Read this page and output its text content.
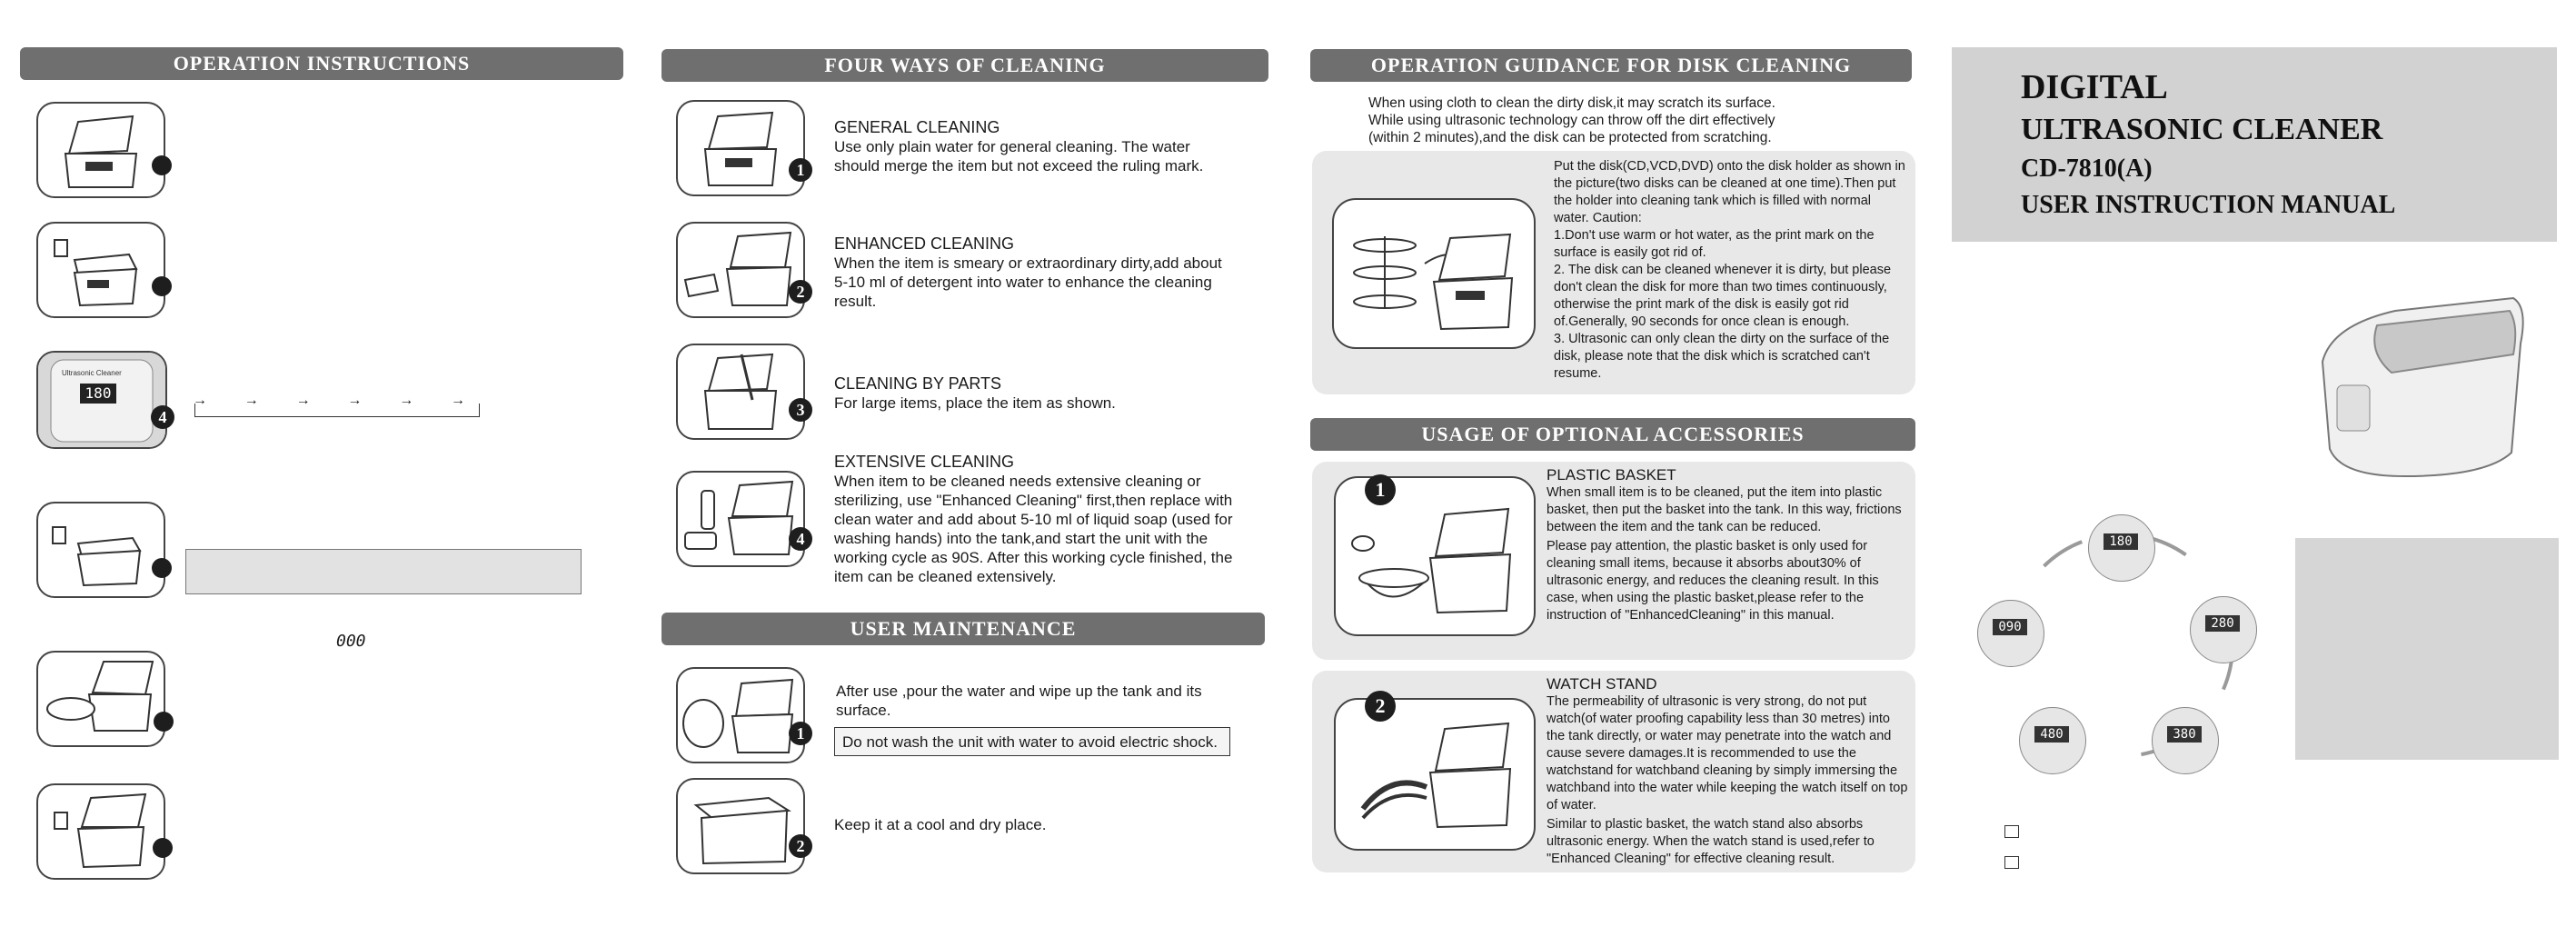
OPERATION INSTRUCTIONS
Ultrasonic Cleaner
180
4
→	→	→	→	→	→
000
FOUR WAYS OF CLEANING
1

GENERAL CLEANING

Use only plain water for general cleaning. The water should merge the item but not exceed the ruling mark.

2

ENHANCED CLEANING

When the item is smeary or extraordinary dirty,add about 5-10 ml of detergent into water to enhance the cleaning result.

3

CLEANING BY PARTS

For large items, place the item as shown.

4

EXTENSIVE CLEANING

When item to be cleaned needs extensive cleaning or sterilizing, use "Enhanced Cleaning" first,then replace with clean water and add about 5-10 ml of liquid soap (used for washing hands) into the tank,and start the unit with the working cycle as 90S. After this working cycle finished, the item can be cleaned extensively.

USER MAINTENANCE
1
After use ,pour the water and wipe up the tank and its surface.
Do not wash the unit with water to avoid electric shock.
2
Keep it at a cool and dry place.
OPERATION GUIDANCE FOR DISK CLEANING
When using cloth to clean the dirty disk,it may scratch its surface. While using ultrasonic technology can throw off the dirt effectively (within 2 minutes),and the disk can be protected from scratching.

Put the disk(CD,VCD,DVD) onto the disk holder as shown in the picture(two disks can be cleaned at one time).Then put the holder into cleaning tank which is filled with normal water. Caution:

1.Don't use warm or hot water, as the print mark on the surface is easily got rid of.

2. The disk can be cleaned whenever it is dirty, but please don't clean the disk for more than two times continuously, otherwise the print mark of the disk is easily got rid of.Generally, 90 seconds for once clean is enough.

3. Ultrasonic can only clean the dirty on the surface of the disk, please note that the disk which is scratched can't resume.

USAGE OF OPTIONAL ACCESSORIES
1

PLASTIC BASKET

When small item is to be cleaned, put the item into plastic basket, then put the basket into the tank. In this way, frictions between the item and the tank can be reduced.

Please pay attention, the plastic basket is only used for cleaning small items, because it absorbs about30% of ultrasonic energy, and reduces the cleaning result. In this case, when using the plastic basket,please refer to the instruction of "EnhancedCleaning" in this manual.

2

WATCH STAND

The permeability of ultrasonic is very strong, do not put watch(of water proofing capability less than 30 metres) into the tank directly, or water may penetrate into the watch and cause severe damages.It is recommended to use the watchstand for watchband cleaning by simply immersing the watchband into the water while keeping the watch itself on top of water.

Similar to plastic basket, the watch stand also absorbs ultrasonic energy. When the watch stand is used,refer to "Enhanced Cleaning" for effective cleaning result.

DIGITAL
ULTRASONIC CLEANER
CD-7810(A)
USER INSTRUCTION MANUAL
180
280
380
480
090
